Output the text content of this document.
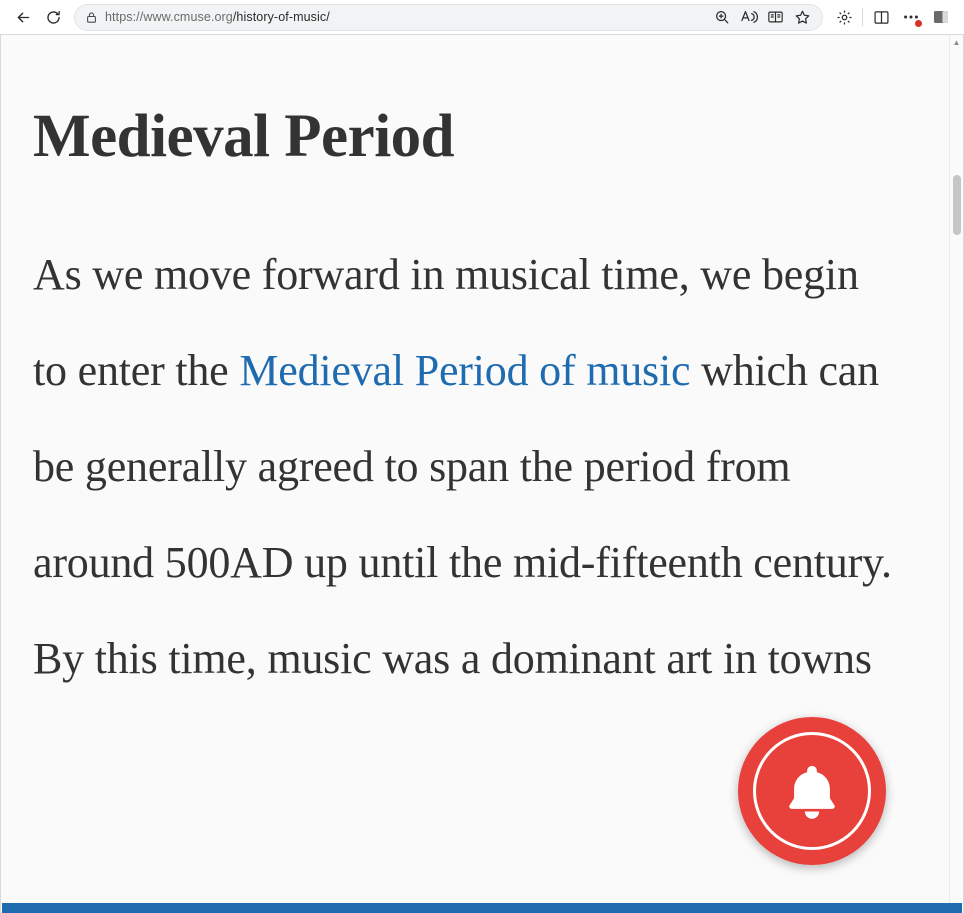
https://www.cmuse.org/history-of-music/
Medieval Period

As we move forward in musical time, we begin to enter the Medieval Period of music which can be generally agreed to span the period from around 500AD up until the mid-fifteenth century. By this time, music was a dominant art in towns

▲
